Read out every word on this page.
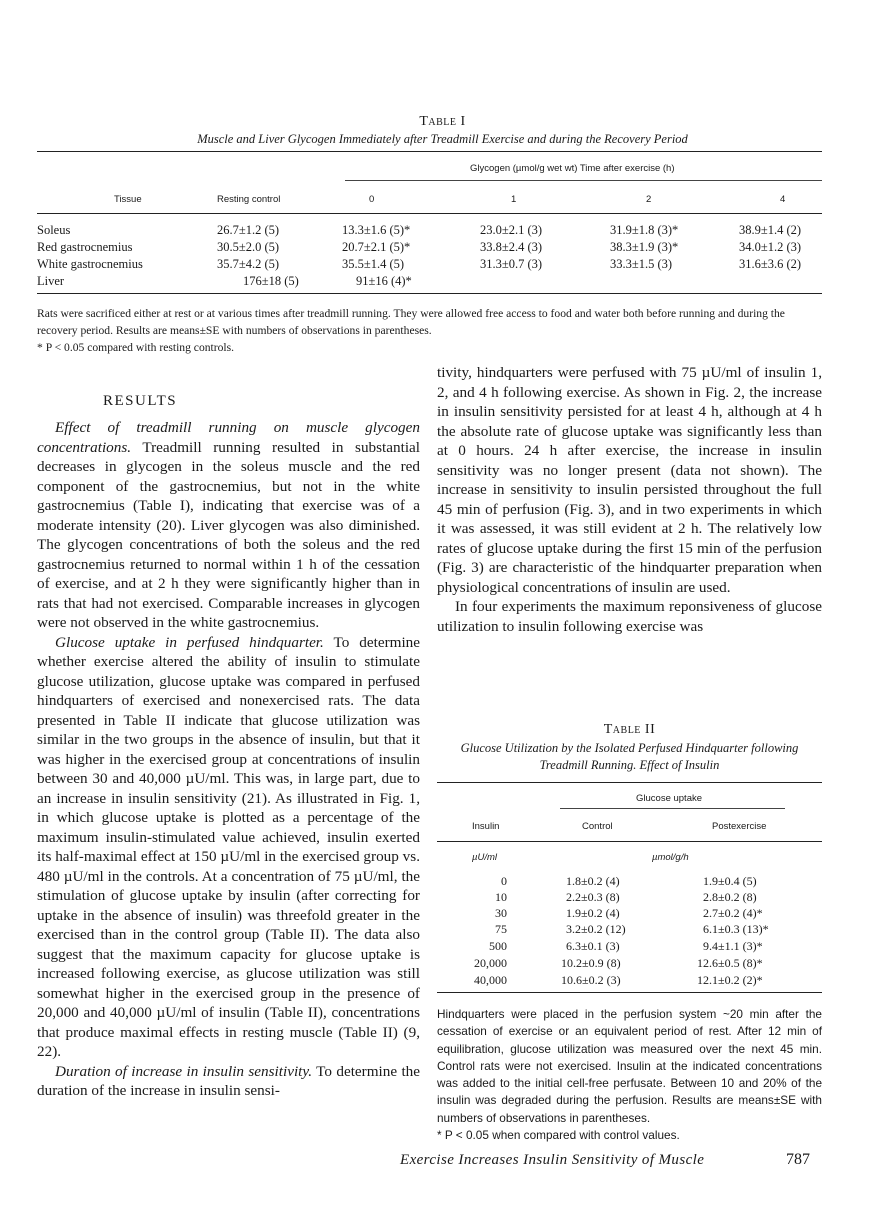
Table I
Muscle and Liver Glycogen Immediately after Treadmill Exercise and during the Recovery Period
Glycogen (µmol/g wet wt) Time after exercise (h)
Tissue	Resting control	0	1	2	4
Soleus	26.7±1.2 (5)	13.3±1.6 (5)*	23.0±2.1 (3)	31.9±1.8 (3)*	38.9±1.4 (2)
Red gastrocnemius	30.5±2.0 (5)	20.7±2.1 (5)*	33.8±2.4 (3)	38.3±1.9 (3)*	34.0±1.2 (3)
White gastrocnemius	35.7±4.2 (5)	35.5±1.4 (5)	31.3±0.7 (3)	33.3±1.5 (3)	31.6±3.6 (2)
Liver	176±18 (5)	91±16 (4)*
Rats were sacrificed either at rest or at various times after treadmill running. They were allowed free access to food and water both before running and during the recovery period. Results are means±SE with numbers of observations in parentheses.
* P < 0.05 compared with resting controls.
RESULTS

Effect of treadmill running on muscle glycogen concentrations. Treadmill running resulted in substantial decreases in glycogen in the soleus muscle and the red component of the gastrocnemius, but not in the white gastrocnemius (Table I), indicating that exercise was of a moderate intensity (20). Liver glycogen was also diminished. The glycogen concentrations of both the soleus and the red gastrocnemius returned to normal within 1 h of the cessation of exercise, and at 2 h they were significantly higher than in rats that had not exercised. Comparable increases in glycogen were not observed in the white gastrocnemius.

Glucose uptake in perfused hindquarter. To determine whether exercise altered the ability of insulin to stimulate glucose utilization, glucose uptake was compared in perfused hindquarters of exercised and nonexercised rats. The data presented in Table II indicate that glucose utilization was similar in the two groups in the absence of insulin, but that it was higher in the exercised group at concentrations of insulin between 30 and 40,000 µU/ml. This was, in large part, due to an increase in insulin sensitivity (21). As illustrated in Fig. 1, in which glucose uptake is plotted as a percentage of the maximum insulin-stimulated value achieved, insulin exerted its half-maximal effect at 150 µU/ml in the exercised group vs. 480 µU/ml in the controls. At a concentration of 75 µU/ml, the stimulation of glucose uptake by insulin (after correcting for uptake in the absence of insulin) was threefold greater in the exercised than in the control group (Table II). The data also suggest that the maximum capacity for glucose uptake is increased following exercise, as glucose utilization was still somewhat higher in the exercised group in the presence of 20,000 and 40,000 µU/ml of insulin (Table II), concentrations that produce maximal effects in resting muscle (Table II) (9, 22).

Duration of increase in insulin sensitivity. To determine the duration of the increase in insulin sensi-

tivity, hindquarters were perfused with 75 µU/ml of insulin 1, 2, and 4 h following exercise. As shown in Fig. 2, the increase in insulin sensitivity persisted for at least 4 h, although at 4 h the absolute rate of glucose uptake was significantly less than at 0 hours. 24 h after exercise, the increase in insulin sensitivity was no longer present (data not shown). The increase in sensitivity to insulin persisted throughout the full 45 min of perfusion (Fig. 3), and in two experiments in which it was assessed, it was still evident at 2 h. The relatively low rates of glucose uptake during the first 15 min of the perfusion (Fig. 3) are characteristic of the hindquarter preparation when physiological concentrations of insulin are used.

In four experiments the maximum reponsiveness of glucose utilization to insulin following exercise was

Table II
Glucose Utilization by the Isolated Perfused Hindquarter following Treadmill Running. Effect of Insulin
Glucose uptake
Insulin	Control	Postexercise
µU/ml	µmol/g/h
0	1.8±0.2 (4)	1.9±0.4 (5)
10	2.2±0.3 (8)	2.8±0.2 (8)
30	1.9±0.2 (4)	2.7±0.2 (4)*
75	3.2±0.2 (12)	6.1±0.3 (13)*
500	6.3±0.1 (3)	9.4±1.1 (3)*
20,000	10.2±0.9 (8)	12.6±0.5 (8)*
40,000	10.6±0.2 (3)	12.1±0.2 (2)*
Hindquarters were placed in the perfusion system ~20 min after the cessation of exercise or an equivalent period of rest. After 12 min of equilibration, glucose utilization was measured over the next 45 min. Control rats were not exercised. Insulin at the indicated concentrations was added to the initial cell-free perfusate. Between 10 and 20% of the insulin was degraded during the perfusion. Results are means±SE with numbers of observations in parentheses.
* P < 0.05 when compared with control values.
Exercise Increases Insulin Sensitivity of Muscle	787
